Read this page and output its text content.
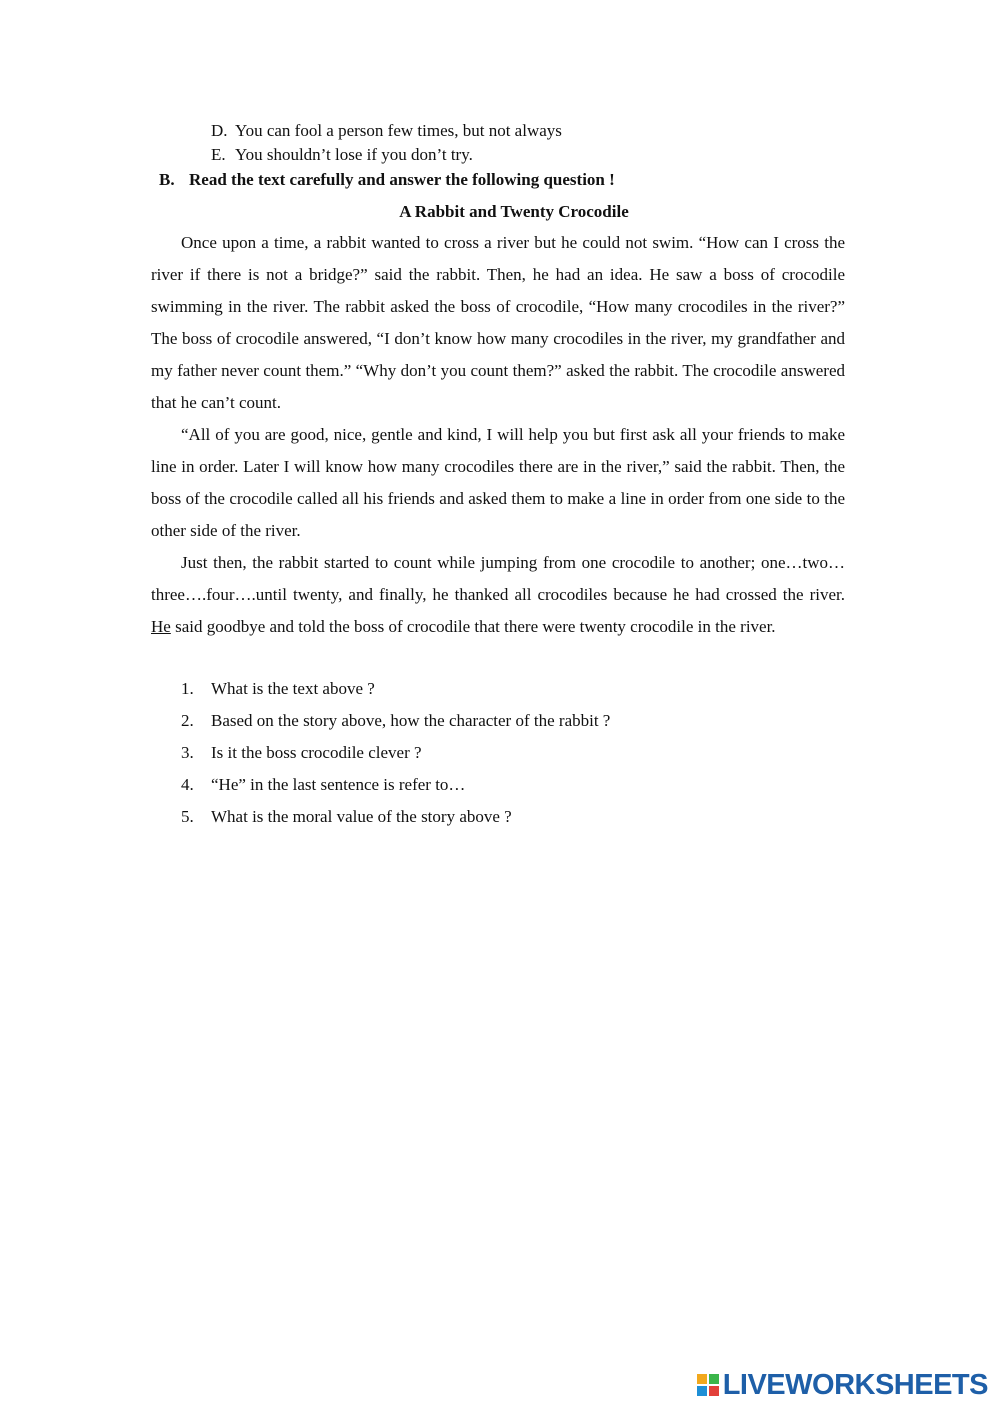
D. You can fool a person few times, but not always
E. You shouldn’t lose if you don’t try.
B. Read the text carefully and answer the following question !
A Rabbit and Twenty Crocodile

Once upon a time, a rabbit wanted to cross a river but he could not swim. “How can I cross the river if there is not a bridge?” said the rabbit. Then, he had an idea. He saw a boss of crocodile swimming in the river. The rabbit asked the boss of crocodile, “How many crocodiles in the river?” The boss of crocodile answered, “I don’t know how many crocodiles in the river, my grandfather and my father never count them.” “Why don’t you count them?” asked the rabbit. The crocodile answered that he can’t count.

“All of you are good, nice, gentle and kind, I will help you but first ask all your friends to make line in order. Later I will know how many crocodiles there are in the river,” said the rabbit. Then, the boss of the crocodile called all his friends and asked them to make a line in order from one side to the other side of the river.

Just then, the rabbit started to count while jumping from one crocodile to another; one…two…three….four….until twenty, and finally, he thanked all crocodiles because he had crossed the river. He said goodbye and told the boss of crocodile that there were twenty crocodile in the river.

1. What is the text above ?
2. Based on the story above, how the character of the rabbit ?
3. Is it the boss crocodile clever ?
4. “He” in the last sentence is refer to…
5. What is the moral value of the story above ?
LIVEWORKSHEETS
